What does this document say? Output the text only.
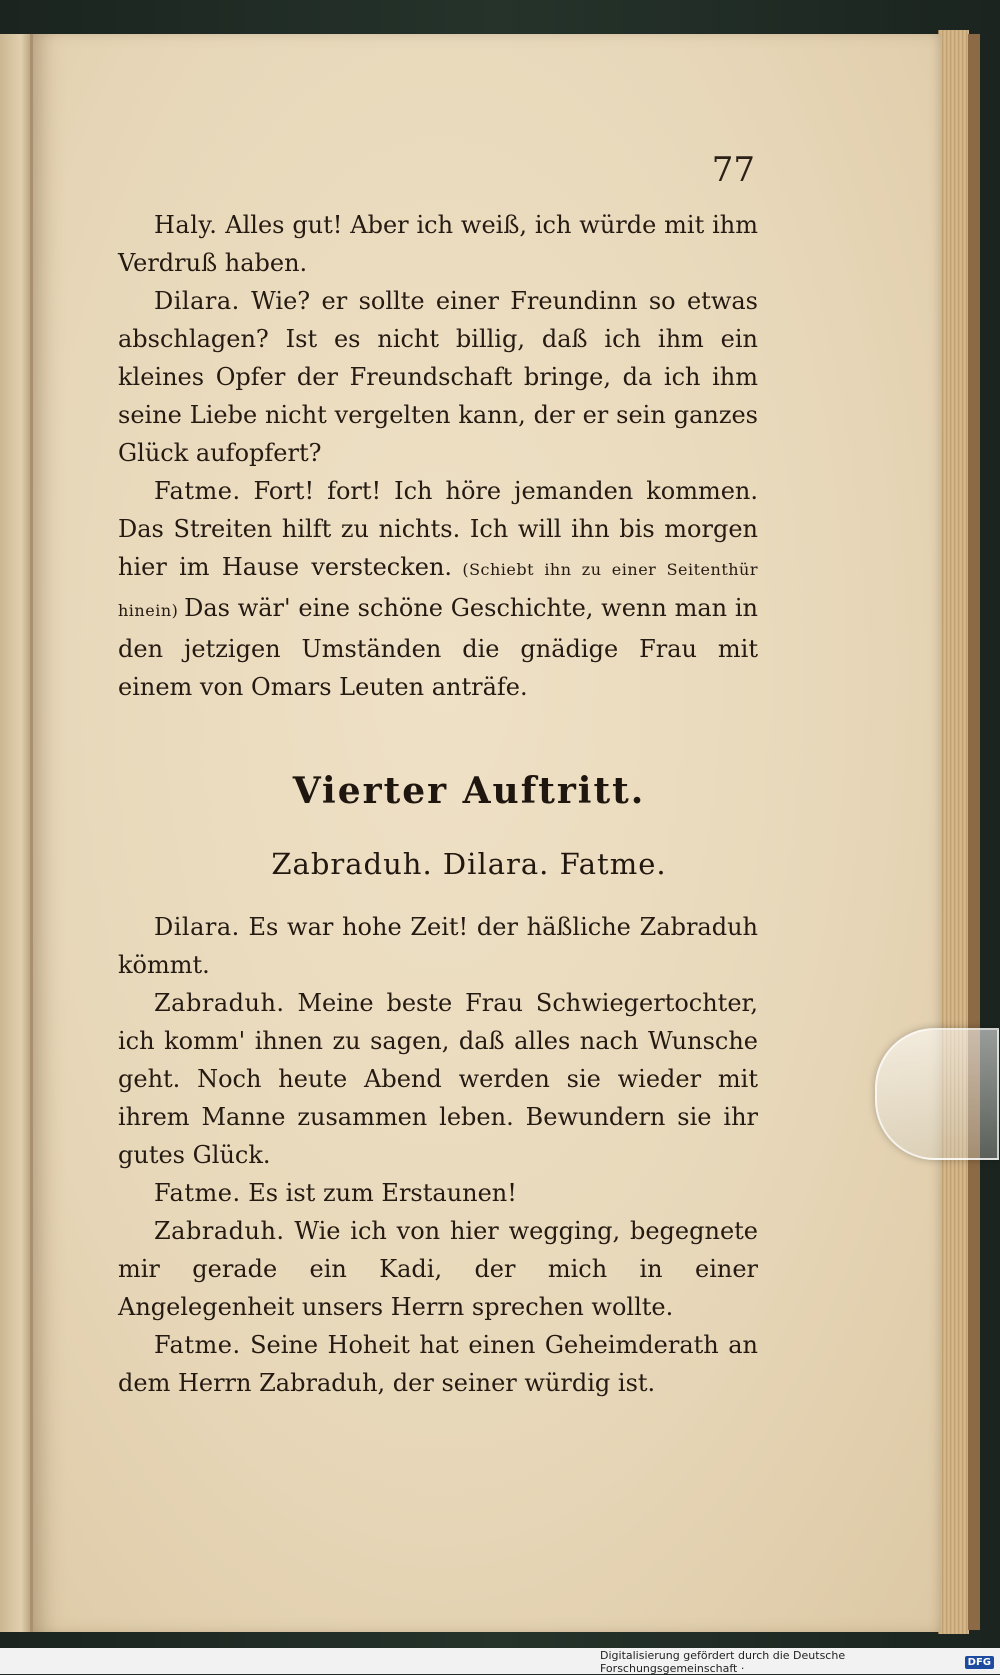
77

Haly. Alles gut! Aber ich weiß, ich würde mit ihm Verdruß haben.

Dilara. Wie? er sollte einer Freundinn so etwas abschlagen? Ist es nicht billig, daß ich ihm ein kleines Opfer der Freundschaft bringe, da ich ihm seine Liebe nicht vergelten kann, der er sein ganzes Glück aufopfert?

Fatme. Fort! fort! Ich höre jemanden kommen. Das Streiten hilft zu nichts. Ich will ihn bis morgen hier im Hause verstecken. (Schiebt ihn zu einer Seitenthür hinein) Das wär' eine schöne Geschichte, wenn man in den jetzigen Umständen die gnädige Frau mit einem von Omars Leuten anträfe.

Vierter Auftritt.
Zabraduh. Dilara. Fatme.

Dilara. Es war hohe Zeit! der häßliche Zabraduh kömmt.

Zabraduh. Meine beste Frau Schwiegertochter, ich komm' ihnen zu sagen, daß alles nach Wunsche geht. Noch heute Abend werden sie wieder mit ihrem Manne zusammen leben. Bewundern sie ihr gutes Glück.

Fatme. Es ist zum Erstaunen!

Zabraduh. Wie ich von hier wegging, begegnete mir gerade ein Kadi, der mich in einer Angelegenheit unsers Herrn sprechen wollte.

Fatme. Seine Hoheit hat einen Geheimderath an dem Herrn Zabraduh, der seiner würdig ist.

Digitalisierung gefördert durch die Deutsche Forschungsgemeinschaft ·	DFG
